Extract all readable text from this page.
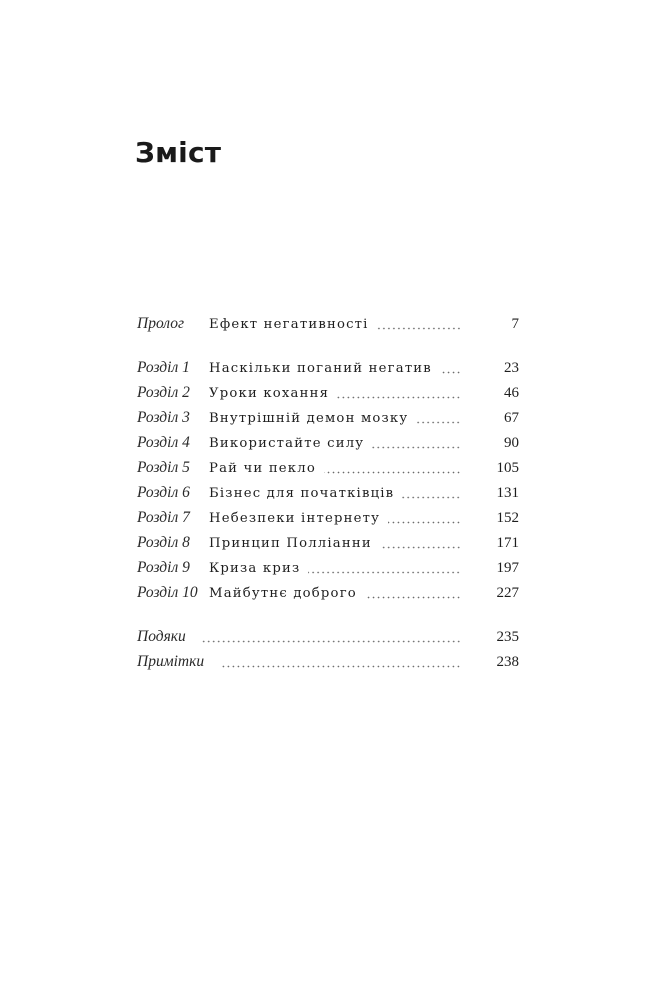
Зміст
Пролог	Ефект негативності	7
Розділ 1	Наскільки поганий негатив	23
Розділ 2	Уроки кохання	46
Розділ 3	Внутрішній демон мозку	67
Розділ 4	Використайте силу	90
Розділ 5	Рай чи пекло	105
Розділ 6	Бізнес для початківців	131
Розділ 7	Небезпеки інтернету	152
Розділ 8	Принцип Полліанни	171
Розділ 9	Криза криз	197
Розділ 10 Майбутнє доброго	227
Подяки	235
Примітки	238
